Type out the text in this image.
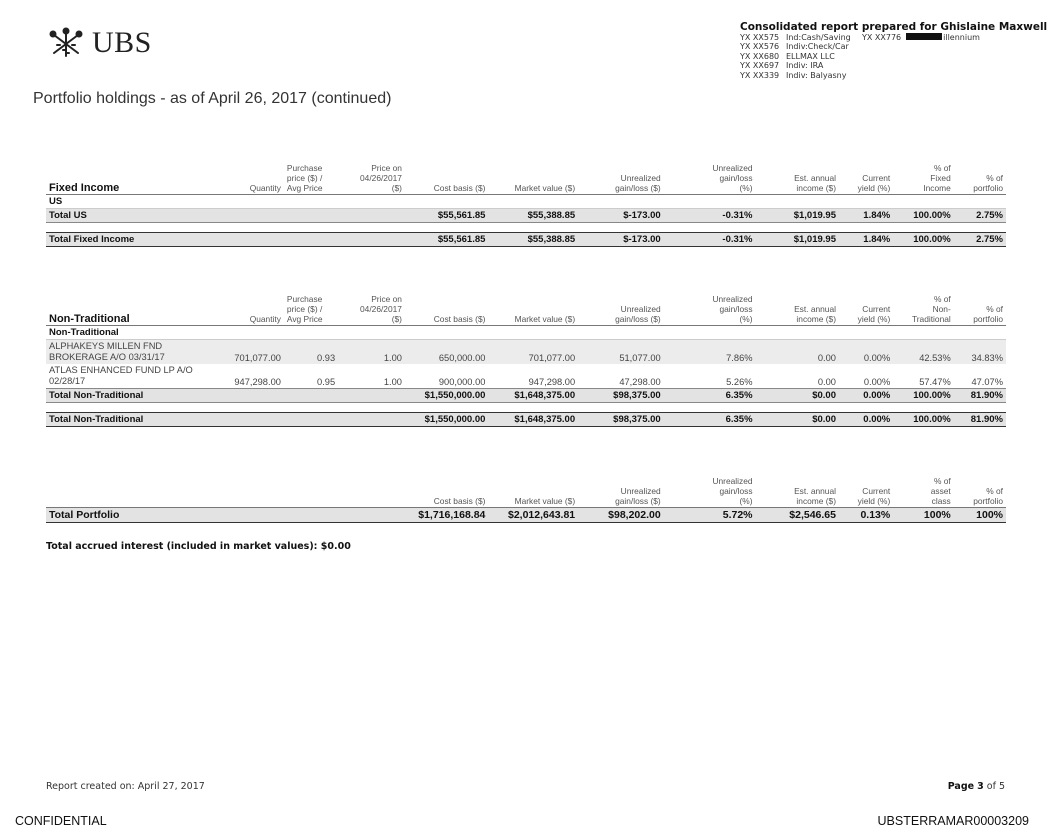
UBS
Portfolio holdings - as of April 26, 2017 (continued)
Consolidated report prepared for Ghislaine Maxwell
YX XX575 Ind:Cash/Saving	YX XX776	illennium
YX XX576 Indiv:Check/Car
YX XX680 ELLMAX LLC
YX XX697 Indiv: IRA
YX XX339 Indiv: Balyasny
Fixed Income	Quantity	Purchase
price ($) /
Avg Price	Price on
04/26/2017
($)	Cost basis ($)	Market value ($)	Unrealized
gain/loss ($)	Unrealized
gain/loss
(%)	Est. annual
income ($)	Current
yield (%)	% of
Fixed
Income	% of
portfolio
US											
Total US				$55,561.85	$55,388.85	$-173.00	-0.31%	$1,019.95	1.84%	100.00%	2.75%

Total Fixed Income				$55,561.85	$55,388.85	$-173.00	-0.31%	$1,019.95	1.84%	100.00%	2.75%
Non-Traditional	Quantity	Purchase
price ($) /
Avg Price	Price on
04/26/2017
($)	Cost basis ($)	Market value ($)	Unrealized
gain/loss ($)	Unrealized
gain/loss
(%)	Est. annual
income ($)	Current
yield (%)	% of
Non-
Traditional	% of
portfolio
Non-Traditional											
ALPHAKEYS MILLEN FND BROKERAGE A/O 03/31/17	701,077.00	0.93	1.00	650,000.00	701,077.00	51,077.00	7.86%	0.00	0.00%	42.53%	34.83%
ATLAS ENHANCED FUND LP A/O 02/28/17	947,298.00	0.95	1.00	900,000.00	947,298.00	47,298.00	5.26%	0.00	0.00%	57.47%	47.07%
Total Non-Traditional				$1,550,000.00	$1,648,375.00	$98,375.00	6.35%	$0.00	0.00%	100.00%	81.90%

Total Non-Traditional				$1,550,000.00	$1,648,375.00	$98,375.00	6.35%	$0.00	0.00%	100.00%	81.90%
	Cost basis ($)	Market value ($)	Unrealized
gain/loss ($)	Unrealized
gain/loss
(%)	Est. annual
income ($)	Current
yield (%)	% of
asset
class	% of
portfolio
Total Portfolio	$1,716,168.84	$2,012,643.81	$98,202.00	5.72%	$2,546.65	0.13%	100%	100%
Total accrued interest (included in market values): $0.00
Report created on: April 27, 2017	Page 3 of 5
CONFIDENTIAL	UBSTERRAMAR00003209
